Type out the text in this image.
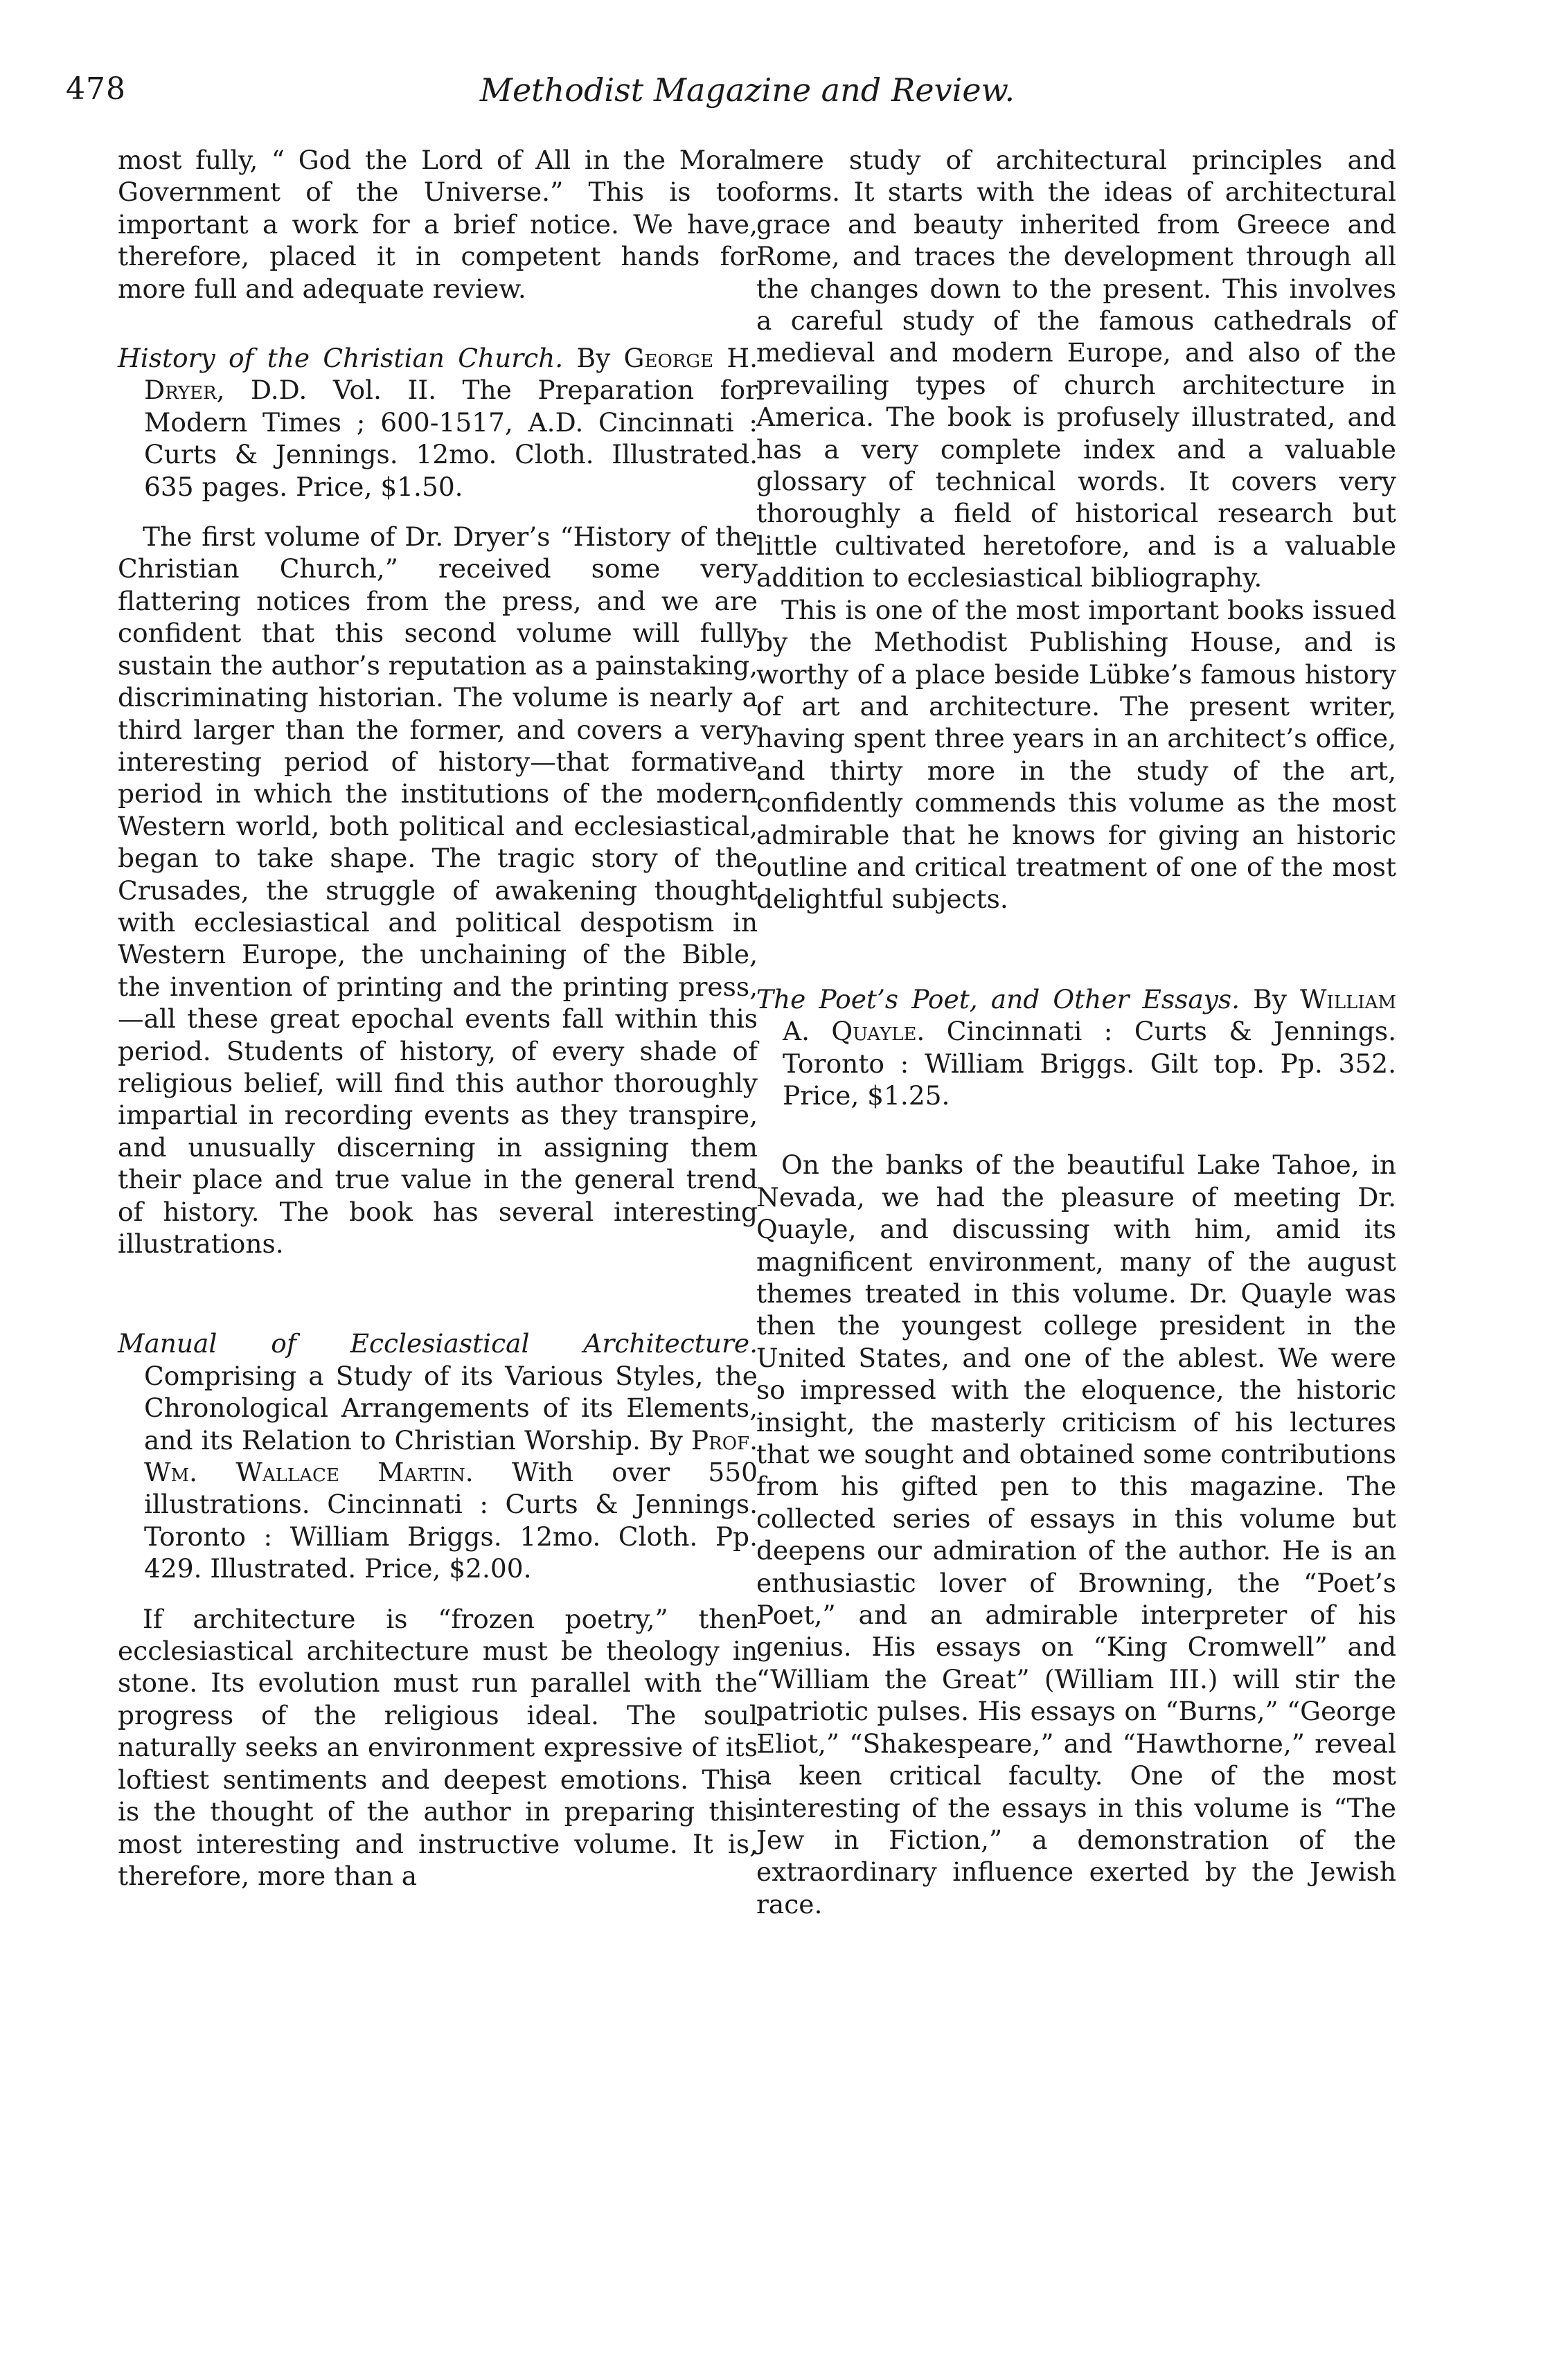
478	Methodist Magazine and Review.

most fully, “ God the Lord of All in the Moral Government of the Universe.” This is too important a work for a brief notice. We have, therefore, placed it in competent hands for more full and adequate review.

History of the Christian Church. By George H. Dryer, D.D. Vol. II. The Preparation for Modern Times ; 600-1517, A.D. Cincinnati : Curts & Jennings. 12mo. Cloth. Illustrated. 635 pages. Price, $1.50.

The first volume of Dr. Dryer’s “History of the Christian Church,” received some very flattering notices from the press, and we are confident that this second volume will fully sustain the author’s reputation as a painstaking, discriminating historian. The volume is nearly a third larger than the former, and covers a very interesting period of history—that formative period in which the institutions of the modern Western world, both political and ecclesiastical, began to take shape. The tragic story of the Crusades, the struggle of awakening thought with ecclesiastical and political despotism in Western Europe, the unchaining of the Bible, the invention of printing and the printing press,—all these great epochal events fall within this period. Students of history, of every shade of religious belief, will find this author thoroughly impartial in recording events as they transpire, and unusually discerning in assigning them their place and true value in the general trend of history. The book has several interesting illustrations.

Manual of Ecclesiastical Architecture. Comprising a Study of its Various Styles, the Chronological Arrangements of its Elements, and its Relation to Christian Worship. By Prof. Wm. Wallace Martin. With over 550 illustrations. Cincinnati : Curts & Jennings. Toronto : William Briggs. 12mo. Cloth. Pp. 429. Illustrated. Price, $2.00.

If architecture is “frozen poetry,” then ecclesiastical architecture must be theology in stone. Its evolution must run parallel with the progress of the religious ideal. The soul naturally seeks an environment expressive of its loftiest sentiments and deepest emotions. This is the thought of the author in preparing this most interesting and instructive volume. It is, therefore, more than a

mere study of architectural principles and forms. It starts with the ideas of architectural grace and beauty inherited from Greece and Rome, and traces the development through all the changes down to the present. This involves a careful study of the famous cathedrals of medieval and modern Europe, and also of the prevailing types of church architecture in America. The book is profusely illustrated, and has a very complete index and a valuable glossary of technical words. It covers very thoroughly a field of historical research but little cultivated heretofore, and is a valuable addition to ecclesiastical bibliography.

This is one of the most important books issued by the Methodist Publishing House, and is worthy of a place beside Lübke’s famous history of art and architecture. The present writer, having spent three years in an architect’s office, and thirty more in the study of the art, confidently commends this volume as the most admirable that he knows for giving an historic outline and critical treatment of one of the most delightful subjects.

The Poet’s Poet, and Other Essays. By William A. Quayle. Cincinnati : Curts & Jennings. Toronto : William Briggs. Gilt top. Pp. 352. Price, $1.25.

On the banks of the beautiful Lake Tahoe, in Nevada, we had the pleasure of meeting Dr. Quayle, and discussing with him, amid its magnificent environment, many of the august themes treated in this volume. Dr. Quayle was then the youngest college president in the United States, and one of the ablest. We were so impressed with the eloquence, the historic insight, the masterly criticism of his lectures that we sought and obtained some contributions from his gifted pen to this magazine. The collected series of essays in this volume but deepens our admiration of the author. He is an enthusiastic lover of Browning, the “Poet’s Poet,” and an admirable interpreter of his genius. His essays on “King Cromwell” and “William the Great” (William III.) will stir the patriotic pulses. His essays on “Burns,” “George Eliot,” “Shakespeare,” and “Hawthorne,” reveal a keen critical faculty. One of the most interesting of the essays in this volume is “The Jew in Fiction,” a demonstration of the extraordinary influence exerted by the Jewish race.
